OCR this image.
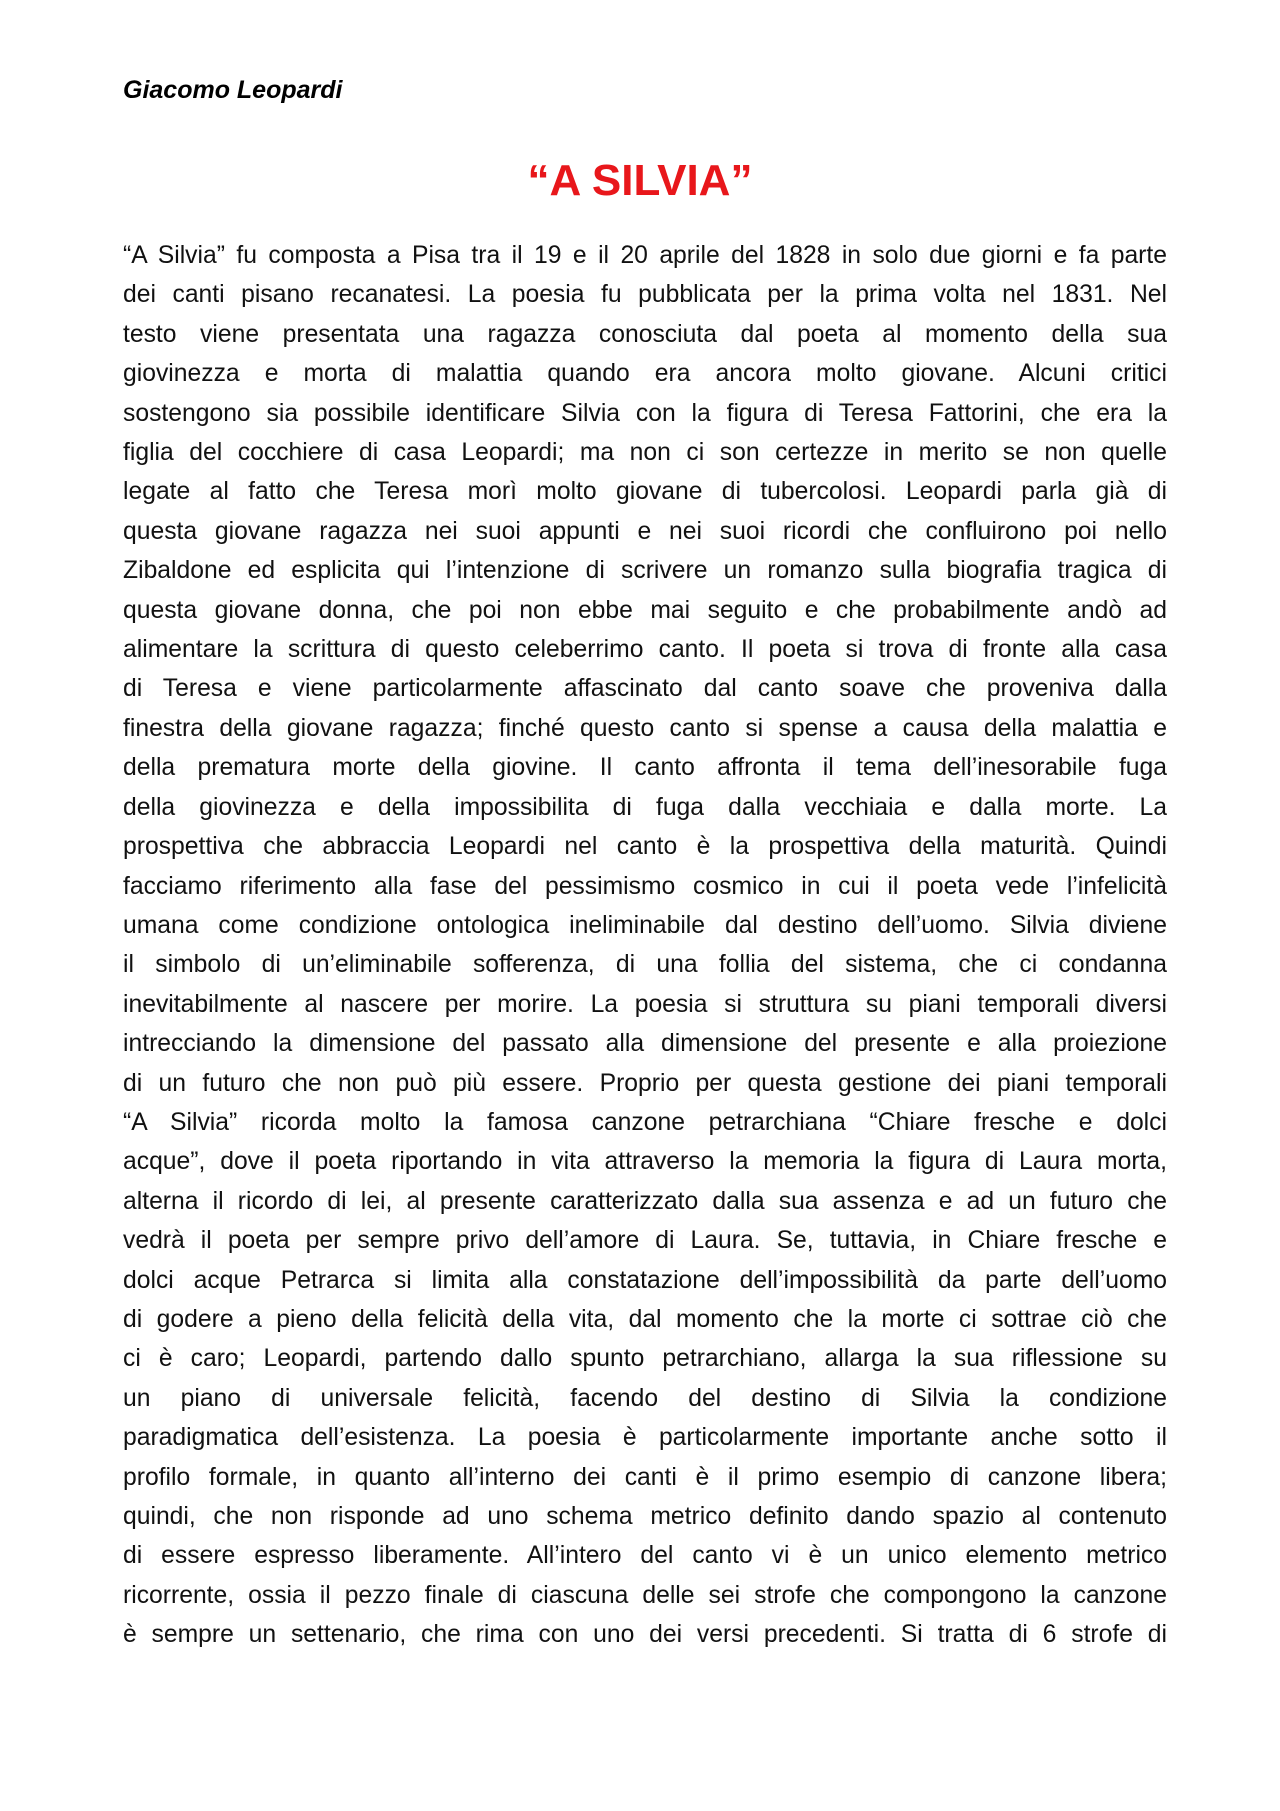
Giacomo Leopardi

“A SILVIA”
“A Silvia” fu composta a Pisa tra il 19 e il 20 aprile del 1828 in solo due giorni e fa parte
dei canti pisano recanatesi. La poesia fu pubblicata per la prima volta nel 1831. Nel
testo viene presentata una ragazza conosciuta dal poeta al momento della sua
giovinezza e morta di malattia quando era ancora molto giovane. Alcuni critici
sostengono sia possibile identificare Silvia con la figura di Teresa Fattorini, che era la
figlia del cocchiere di casa Leopardi; ma non ci son certezze in merito se non quelle
legate al fatto che Teresa morì molto giovane di tubercolosi. Leopardi parla già di
questa giovane ragazza nei suoi appunti e nei suoi ricordi che confluirono poi nello
Zibaldone ed esplicita qui l’intenzione di scrivere un romanzo sulla biografia tragica di
questa giovane donna, che poi non ebbe mai seguito e che probabilmente andò ad
alimentare la scrittura di questo celeberrimo canto. Il poeta si trova di fronte alla casa
di Teresa e viene particolarmente affascinato dal canto soave che proveniva dalla
finestra della giovane ragazza; finché questo canto si spense a causa della malattia e
della prematura morte della giovine. Il canto affronta il tema dell’inesorabile fuga
della giovinezza e della impossibilita di fuga dalla vecchiaia e dalla morte. La
prospettiva che abbraccia Leopardi nel canto è la prospettiva della maturità. Quindi
facciamo riferimento alla fase del pessimismo cosmico in cui il poeta vede l’infelicità
umana come condizione ontologica ineliminabile dal destino dell’uomo. Silvia diviene
il simbolo di un’eliminabile sofferenza, di una follia del sistema, che ci condanna
inevitabilmente al nascere per morire. La poesia si struttura su piani temporali diversi
intrecciando la dimensione del passato alla dimensione del presente e alla proiezione
di un futuro che non può più essere. Proprio per questa gestione dei piani temporali
“A Silvia” ricorda molto la famosa canzone petrarchiana “Chiare fresche e dolci
acque”, dove il poeta riportando in vita attraverso la memoria la figura di Laura morta,
alterna il ricordo di lei, al presente caratterizzato dalla sua assenza e ad un futuro che
vedrà il poeta per sempre privo dell’amore di Laura. Se, tuttavia, in Chiare fresche e
dolci acque Petrarca si limita alla constatazione dell’impossibilità da parte dell’uomo
di godere a pieno della felicità della vita, dal momento che la morte ci sottrae ciò che
ci è caro; Leopardi, partendo dallo spunto petrarchiano, allarga la sua riflessione su
un piano di universale felicità, facendo del destino di Silvia la condizione
paradigmatica dell’esistenza. La poesia è particolarmente importante anche sotto il
profilo formale, in quanto all’interno dei canti è il primo esempio di canzone libera;
quindi, che non risponde ad uno schema metrico definito dando spazio al contenuto
di essere espresso liberamente. All’intero del canto vi è un unico elemento metrico
ricorrente, ossia il pezzo finale di ciascuna delle sei strofe che compongono la canzone
è sempre un settenario, che rima con uno dei versi precedenti. Si tratta di 6 strofe di
